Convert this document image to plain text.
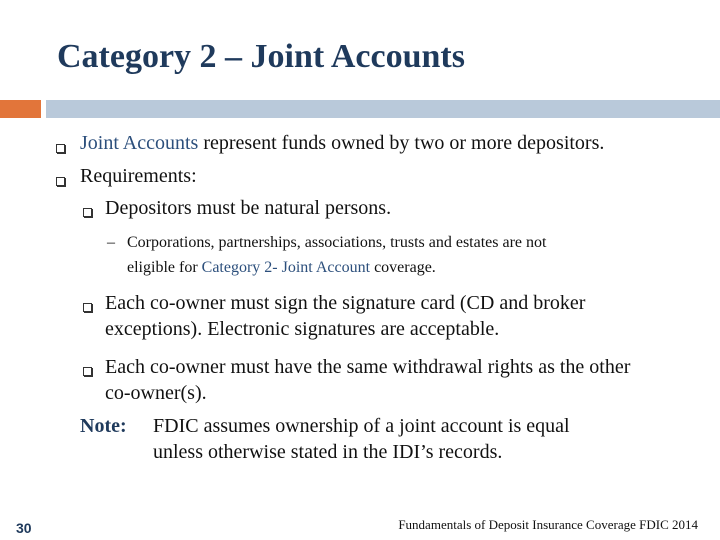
Category 2 – Joint Accounts
Joint Accounts represent funds owned by two or more depositors.
Requirements:
Depositors must be natural persons.
– Corporations, partnerships, associations, trusts and estates are not
eligible for Category 2- Joint Account coverage.
Each co-owner must sign the signature card (CD and broker
exceptions). Electronic signatures are acceptable.
Each co-owner must have the same withdrawal rights as the other
co-owner(s).
Note: FDIC assumes ownership of a joint account is equal
unless otherwise stated in the IDI’s records.
30	Fundamentals of Deposit Insurance Coverage FDIC 2014
